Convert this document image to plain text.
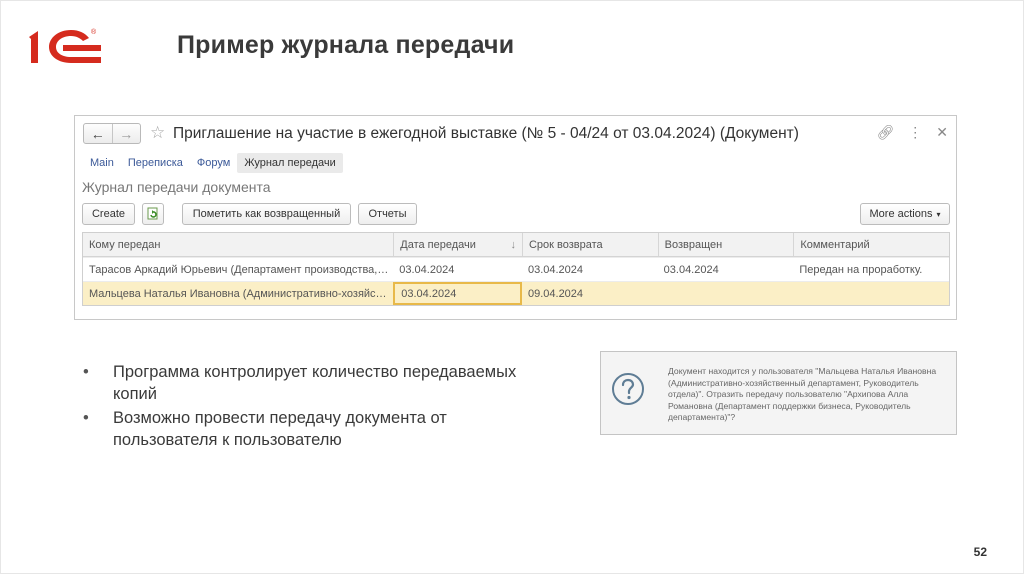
®	Пример журнала передачи
←	→ ☆ Приглашение на участие в ежегодной выставке (№ 5 - 04/24 от 03.04.2024) (Документ)	🔗︎ ⋮ ✕
Main	Переписка	Форум	Журнал передачи
Журнал передачи документа
Create	Пометить как возвращенный	Отчеты	More actions ▾
Кому передан	Дата передачи	↓	Срок возврата	Возвращен	Комментарий
Тарасов Аркадий Юрьевич (Департамент производства,… 03.04.2024	03.04.2024	03.04.2024	Передан на проработку.
Мальцева Наталья Ивановна (Административно-хозяйс…	03.04.2024	09.04.2024
• Программа контролирует количество передаваемых копий
• Возможно провести передачу документа от пользователя к пользователю
Документ находится у пользователя "Мальцева Наталья Ивановна (Административно-хозяйственный департамент, Руководитель отдела)". Отразить передачу пользователю "Архипова Алла Романовна (Департамент поддержки бизнеса, Руководитель департамента)"?
52
